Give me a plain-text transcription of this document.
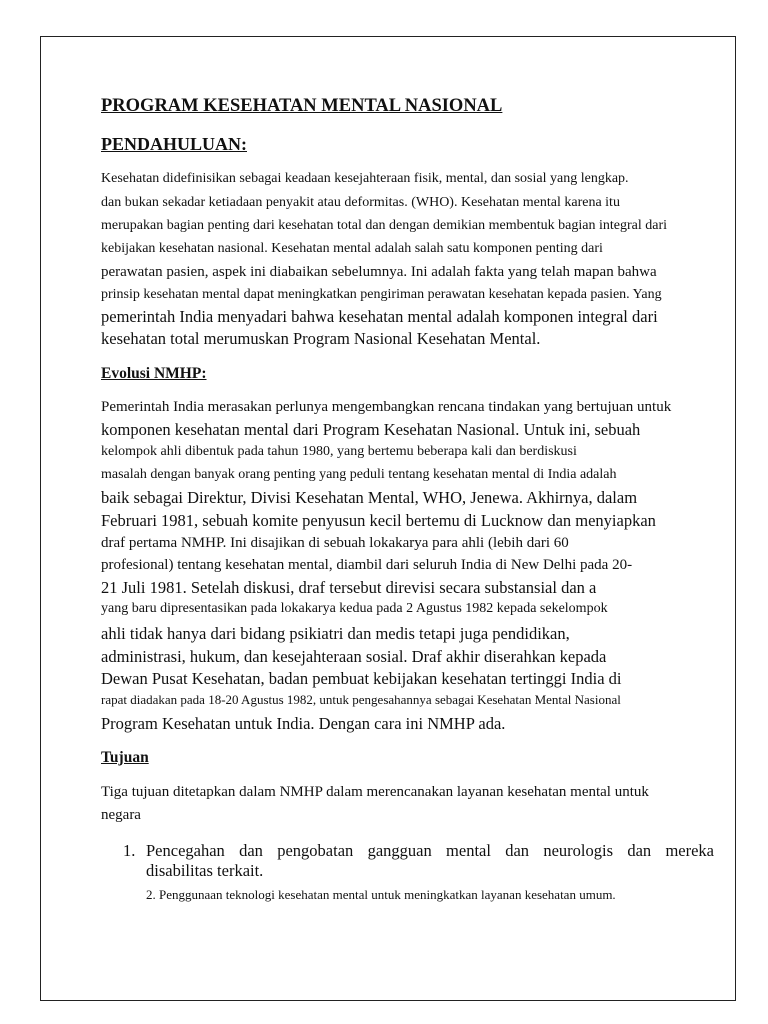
PROGRAM KESEHATAN MENTAL NASIONAL
PENDAHULUAN:
Kesehatan didefinisikan sebagai keadaan kesejahteraan fisik, mental, dan sosial yang lengkap.
dan bukan sekadar ketiadaan penyakit atau deformitas. (WHO). Kesehatan mental karena itu
merupakan bagian penting dari kesehatan total dan dengan demikian membentuk bagian integral dari
kebijakan kesehatan nasional. Kesehatan mental adalah salah satu komponen penting dari
perawatan pasien, aspek ini diabaikan sebelumnya. Ini adalah fakta yang telah mapan bahwa
prinsip kesehatan mental dapat meningkatkan pengiriman perawatan kesehatan kepada pasien. Yang
pemerintah India menyadari bahwa kesehatan mental adalah komponen integral dari
kesehatan total merumuskan Program Nasional Kesehatan Mental.
Evolusi NMHP:
Pemerintah India merasakan perlunya mengembangkan rencana tindakan yang bertujuan untuk
komponen kesehatan mental dari Program Kesehatan Nasional. Untuk ini, sebuah
kelompok ahli dibentuk pada tahun 1980, yang bertemu beberapa kali dan berdiskusi
masalah dengan banyak orang penting yang peduli tentang kesehatan mental di India adalah
baik sebagai Direktur, Divisi Kesehatan Mental, WHO, Jenewa. Akhirnya, dalam
Februari 1981, sebuah komite penyusun kecil bertemu di Lucknow dan menyiapkan
draf pertama NMHP. Ini disajikan di sebuah lokakarya para ahli (lebih dari 60
profesional) tentang kesehatan mental, diambil dari seluruh India di New Delhi pada 20-
21 Juli 1981. Setelah diskusi, draf tersebut direvisi secara substansial dan a
yang baru dipresentasikan pada lokakarya kedua pada 2 Agustus 1982 kepada sekelompok
ahli tidak hanya dari bidang psikiatri dan medis tetapi juga pendidikan,
administrasi, hukum, dan kesejahteraan sosial. Draf akhir diserahkan kepada
Dewan Pusat Kesehatan, badan pembuat kebijakan kesehatan tertinggi India di
rapat diadakan pada 18-20 Agustus 1982, untuk pengesahannya sebagai Kesehatan Mental Nasional
Program Kesehatan untuk India. Dengan cara ini NMHP ada.
Tujuan
Tiga tujuan ditetapkan dalam NMHP dalam merencanakan layanan kesehatan mental untuk
negara
1. Pencegahan dan pengobatan gangguan mental dan neurologis dan mereka
disabilitas terkait.
2. Penggunaan teknologi kesehatan mental untuk meningkatkan layanan kesehatan umum.
